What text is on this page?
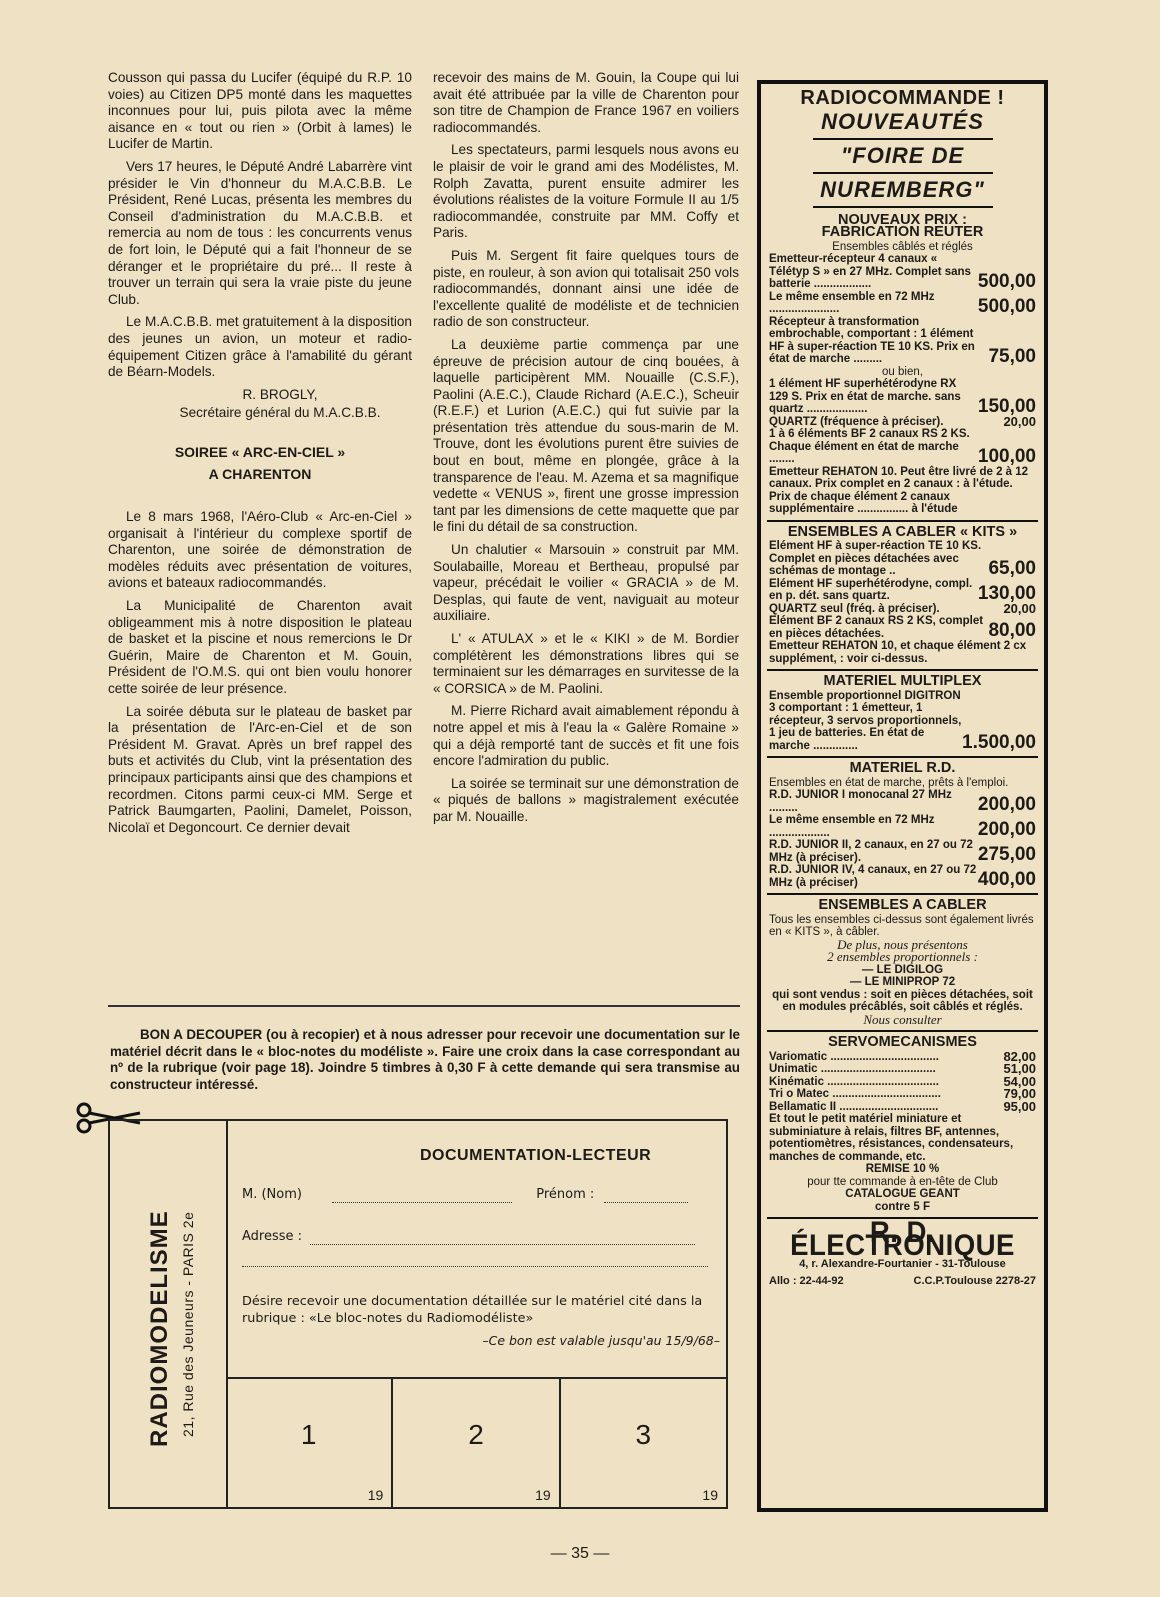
Cousson qui passa du Lucifer (équipé du R.P. 10 voies) au Citizen DP5 monté dans les maquettes inconnues pour lui, puis pilota avec la même aisance en « tout ou rien » (Orbit à lames) le Lucifer de Martin.

Vers 17 heures, le Député André Labarrère vint présider le Vin d'honneur du M.A.C.B.B. Le Président, René Lucas, présenta les membres du Conseil d'administration du M.A.C.B.B. et remercia au nom de tous : les concurrents venus de fort loin, le Député qui a fait l'honneur de se déranger et le propriétaire du pré... Il reste à trouver un terrain qui sera la vraie piste du jeune Club.

Le M.A.C.B.B. met gratuitement à la disposition des jeunes un avion, un moteur et radio-équipement Citizen grâce à l'amabilité du gérant de Béarn-Models.

R. BROGLY,

Secrétaire général du M.A.C.B.B.

SOIREE « ARC-EN-CIEL »
A CHARENTON

Le 8 mars 1968, l'Aéro-Club « Arc-en-Ciel » organisait à l'intérieur du complexe sportif de Charenton, une soirée de démonstration de modèles réduits avec présentation de voitures, avions et bateaux radiocommandés.

La Municipalité de Charenton avait obligeamment mis à notre disposition le plateau de basket et la piscine et nous remercions le Dr Guérin, Maire de Charenton et M. Gouin, Président de l'O.M.S. qui ont bien voulu honorer cette soirée de leur présence.

La soirée débuta sur le plateau de basket par la présentation de l'Arc-en-Ciel et de son Président M. Gravat. Après un bref rappel des buts et activités du Club, vint la présentation des principaux participants ainsi que des champions et recordmen. Citons parmi ceux-ci MM. Serge et Patrick Baumgarten, Paolini, Damelet, Poisson, Nicolaï et Degoncourt. Ce dernier devait

recevoir des mains de M. Gouin, la Coupe qui lui avait été attribuée par la ville de Charenton pour son titre de Champion de France 1967 en voiliers radiocommandés.

Les spectateurs, parmi lesquels nous avons eu le plaisir de voir le grand ami des Modélistes, M. Rolph Zavatta, purent ensuite admirer les évolutions réalistes de la voiture Formule II au 1/5 radiocommandée, construite par MM. Coffy et Paris.

Puis M. Sergent fit faire quelques tours de piste, en rouleur, à son avion qui totalisait 250 vols radiocommandés, donnant ainsi une idée de l'excellente qualité de modéliste et de technicien radio de son constructeur.

La deuxième partie commença par une épreuve de précision autour de cinq bouées, à laquelle participèrent MM. Nouaille (C.S.F.), Paolini (A.E.C.), Claude Richard (A.E.C.), Scheuir (R.E.F.) et Lurion (A.E.C.) qui fut suivie par la présentation très attendue du sous-marin de M. Trouve, dont les évolutions purent être suivies de bout en bout, même en plongée, grâce à la transparence de l'eau. M. Azema et sa magnifique vedette « VENUS », firent une grosse impression tant par les dimensions de cette maquette que par le fini du détail de sa construction.

Un chalutier « Marsouin » construit par MM. Soulabaille, Moreau et Bertheau, propulsé par vapeur, précédait le voilier « GRACIA » de M. Desplas, qui faute de vent, naviguait au moteur auxiliaire.

L' « ATULAX » et le « KIKI » de M. Bordier complétèrent les démonstrations libres qui se terminaient sur les démarrages en survitesse de la « CORSICA » de M. Paolini.

M. Pierre Richard avait aimablement répondu à notre appel et mis à l'eau la « Galère Romaine » qui a déjà remporté tant de succès et fit une fois encore l'admiration du public.

La soirée se terminait sur une démonstration de « piqués de ballons » magistralement exécutée par M. Nouaille.

BON A DECOUPER (ou à recopier) et à nous adresser pour recevoir une documentation sur le matériel décrit dans le « bloc-notes du modéliste ». Faire une croix dans la case correspondant au nº de la rubrique (voir page 18). Joindre 5 timbres à 0,30 F à cette demande qui sera transmise au constructeur intéressé.
RADIOMODELISME 21, Rue des Jeuneurs - PARIS 2e
DOCUMENTATION-LECTEUR
M. (Nom)	Prénom :
Adresse :

Désire recevoir une documentation détaillée sur le matériel cité dans la rubrique : «Le bloc-notes du Radiomodéliste»
–Ce bon est valable jusqu'au 15/9/68–
1
19
2
19
3
19
RADIOCOMMANDE !
NOUVEAUTÉS
"FOIRE DE
NUREMBERG"
NOUVEAUX PRIX :
FABRICATION REUTER
Ensembles câblés et réglés
Emetteur-récepteur 4 canaux « Télétyp S » en 27 MHz. Complet sans batterie ..................	500,00
Le même ensemble en 72 MHz ......................	500,00
Récepteur à transformation embrochable, comportant : 1 élément HF à super-réaction TE 10 KS. Prix en état de marche .........	75,00
ou bien,
1 élément HF superhétérodyne RX 129 S. Prix en état de marche. sans quartz ...................	150,00
QUARTZ (fréquence à préciser).	20,00
1 à 6 éléments BF 2 canaux RS 2 KS. Chaque élément en état de marche ........	100,00
Emetteur REHATON 10. Peut être livré de 2 à 12 canaux. Prix complet en 2 canaux : à l'étude. Prix de chaque élément 2 canaux supplémentaire ................ à l'étude
ENSEMBLES A CABLER « KITS »
Elément HF à super-réaction TE 10 KS. Complet en pièces détachées avec schémas de montage ..	65,00
Elément HF superhétérodyne, compl. en p. dét. sans quartz.	130,00
QUARTZ seul (fréq. à préciser).	20,00
Elément BF 2 canaux RS 2 KS, complet en pièces détachées.	80,00
Emetteur REHATON 10, et chaque élément 2 cx supplément, : voir ci-dessus.
MATERIEL MULTIPLEX
Ensemble proportionnel DIGITRON 3 comportant : 1 émetteur, 1 récepteur, 3 servos proportionnels, 1 jeu de batteries. En état de marche ..............	1.500,00
MATERIEL R.D.
Ensembles en état de marche, prêts à l'emploi.
R.D. JUNIOR I monocanal 27 MHz .........	200,00
Le même ensemble en 72 MHz ...................	200,00
R.D. JUNIOR II, 2 canaux, en 27 ou 72 MHz (à préciser).	275,00
R.D. JUNIOR IV, 4 canaux, en 27 ou 72 MHz (à préciser)	400,00
ENSEMBLES A CABLER
Tous les ensembles ci-dessus sont également livrés en « KITS », à câbler.
De plus, nous présentons
2 ensembles proportionnels :
— LE DIGILOG
— LE MINIPROP 72
qui sont vendus : soit en pièces détachées, soit en modules précâblés, soit câblés et réglés.
Nous consulter
SERVOMECANISMES
Variomatic ..................................	82,00
Unimatic ....................................	51,00
Kinématic ...................................	54,00
Tri o Matec ..................................	79,00
Bellamatic II ...............................	95,00
Et tout le petit matériel miniature et subminiature à relais, filtres BF, antennes, potentiomètres, résistances, condensateurs, manches de commande, etc.
REMISE 10 %
pour tte commande à en-tête de Club
CATALOGUE GEANT
contre 5 F
R. D. ÉLECTRONIQUE
4, r. Alexandre-Fourtanier - 31-Toulouse
Allo : 22-44-92	C.C.P.Toulouse 2278-27
— 35 —
